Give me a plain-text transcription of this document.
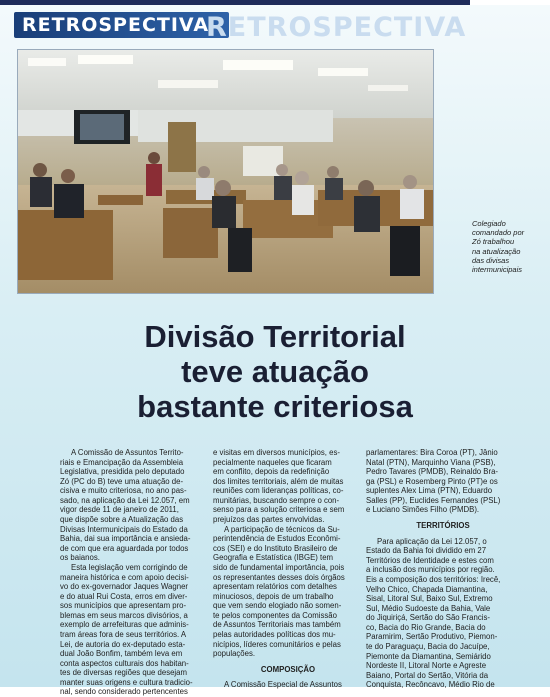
RETROSPECTIVA
RETROSPECTIVA
Colegiado
comandado por
Zó trabalhou
na atualização
das divisas
intermunicipais
Divisão Territorial
teve atuação
bastante criteriosa
A Comissão de Assuntos Territo-
riais e Emancipação da Assembleia
Legislativa, presidida pelo deputado
Zó (PC do B) teve uma atuação de-
cisiva e muito criteriosa, no ano pas-
sado, na aplicação da Lei 12.057, em
vigor desde 11 de janeiro de 2011,
que dispõe sobre a Atualização das
Divisas Intermunicipais do Estado da
Bahia, dai sua importância e ansieda-
de com que era aguardada por todos
os baianos.
Esta legislação vem corrigindo de
maneira histórica e com apoio decisi-
vo do ex-governador Jaques Wagner
e do atual Rui Costa, erros em diver-
sos municípios que apresentam pro-
blemas em seus marcos divisórios, a
exemplo de arrefeituras que adminis-
tram áreas fora de seus territórios. A
Lei, de autoria do ex-deputado esta-
dual João Bonfim, também leva em
conta aspectos culturais dos habitan-
tes de diversas regiões que desejam
manter suas origens e cultura tradicio-
nal, sendo considerado pertencentes
e visitas em diversos municípios, es-
pecialmente naqueles que ficaram
em conflito, depois da redefinição
dos limites territoriais, além de muitas
reuniões com lideranças políticas, co-
munitárias, buscando sempre o con-
senso para a solução criteriosa e sem
prejuízos das partes envolvidas.
A participação de técnicos da Su-
perintendência de Estudos Econômi-
cos (SEI) e do Instituto Brasileiro de
Geografia e Estatística (IBGE) tem
sido de fundamental importância, pois
os representantes desses dois órgãos
apresentam relatórios com detalhes
minuciosos, depois de um trabalho
que vem sendo elogiado não somen-
te pelos componentes da Comissão
de Assuntos Territoriais mas também
pelas autoridades políticas dos mu-
nicípios, líderes comunitários e pelas
populações.
COMPOSIÇÃO
A Comissão Especial de Assuntos
parlamentares: Bira Coroa (PT), Jânio
Natal (PTN), Marquinho Viana (PSB),
Pedro Tavares (PMDB), Reinaldo Bra-
ga (PSL) e Rosemberg Pinto (PT)e os
suplentes Alex Lima (PTN), Eduardo
Salles (PP), Euclides Fernandes (PSL)
e Luciano Simões Filho (PMDB).
TERRITÓRIOS
Para aplicação da Lei 12.057, o
Estado da Bahia foi dividido em 27
Territórios de Identidade e estes com
a inclusão dos municípios por região.
Eis a composição dos territórios: Irecê,
Velho Chico, Chapada Diamantina,
Sisal, Litoral Sul, Baixo Sul, Extremo
Sul, Médio Sudoeste da Bahia, Vale
do Jiquiriçá, Sertão do São Francis-
co, Bacia do Rio Grande, Bacia do
Paramirim, Sertão Produtivo, Piemon-
te do Paraguaçu, Bacia do Jacuípe,
Piemonte da Diamantina, Semiárido
Nordeste II, Litoral Norte e Agreste
Baiano, Portal do Sertão, Vitória da
Conquista, Recôncavo, Médio Rio de
